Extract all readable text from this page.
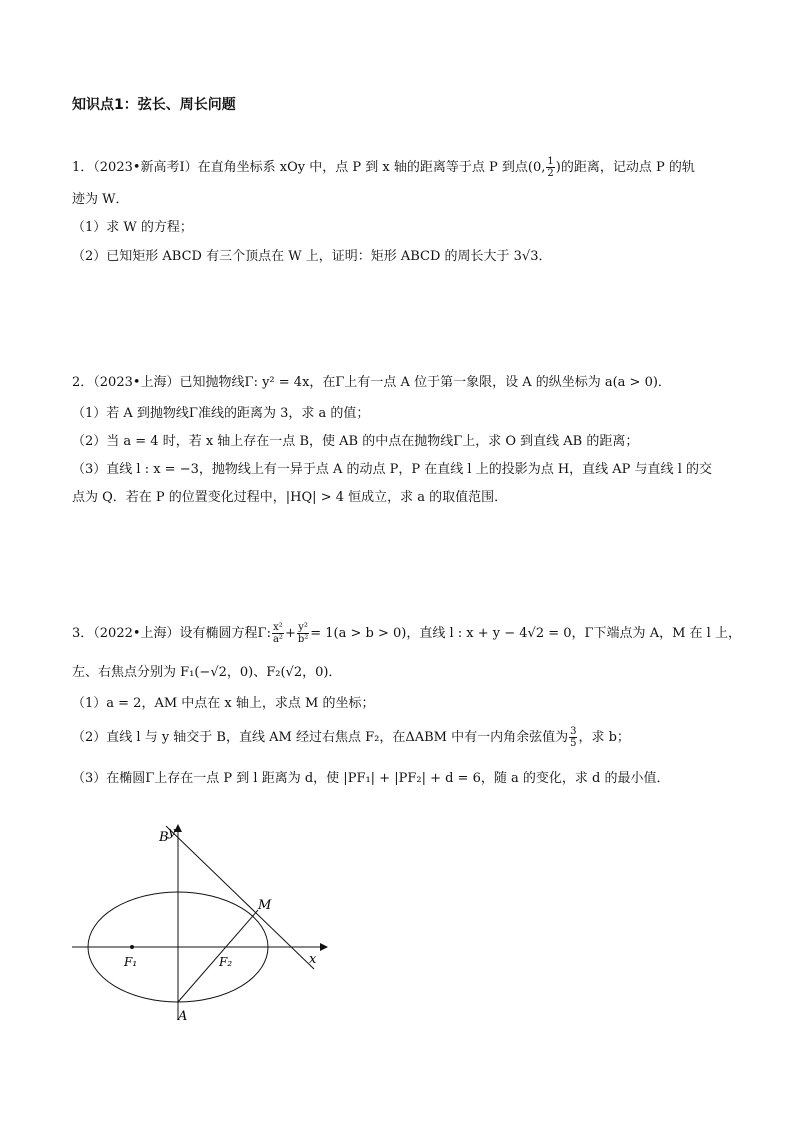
知识点1：弦长、周长问题
1．（2023•新高考Ⅰ）在直角坐标系 xOy 中，点 P 到 x 轴的距离等于点 P 到点(0, $\frac{1}{2}$ )的距离，记动点 P 的轨
迹为 W．
（1）求 W 的方程；
（2）已知矩形 ABCD 有三个顶点在 W 上，证明：矩形 ABCD 的周长大于 3√3．
2．（2023•上海）已知抛物线Γ: y² = 4x，在Γ上有一点 A 位于第一象限，设 A 的纵坐标为 a(a > 0)．
（1）若 A 到抛物线Γ准线的距离为 3，求 a 的值；
（2）当 a = 4 时，若 x 轴上存在一点 B，使 AB 的中点在抛物线Γ上，求 O 到直线 AB 的距离；
（3）直线 l : x = −3，抛物线上有一异于点 A 的动点 P，P 在直线 l 上的投影为点 H，直线 AP 与直线 l 的交
点为 Q．若在 P 的位置变化过程中，|HQ| > 4 恒成立，求 a 的取值范围．
3．（2022•上海）设有椭圆方程Γ: $\frac{\text{x²}}{\text{a²}} + \frac{\text{y²}}{\text{b²}} = 1(a > b > 0)$，直线 l : x + y − 4√2 = 0，Γ下端点为 A，M 在 l 上，
左、右焦点分别为 F₁(−√2，0)、F₂(√2，0)．
（1）a = 2，AM 中点在 x 轴上，求点 M 的坐标；
（2）直线 l 与 y 轴交于 B，直线 AM 经过右焦点 F₂，在ΔABM 中有一内角余弦值为 $\frac{3}{5}$ ，求 b；
（3）在椭圆Γ上存在一点 P 到 l 距离为 d，使 |PF₁| + |PF₂| + d = 6，随 a 的变化，求 d 的最小值．
y
x
B
M
F₁	F₂
A
